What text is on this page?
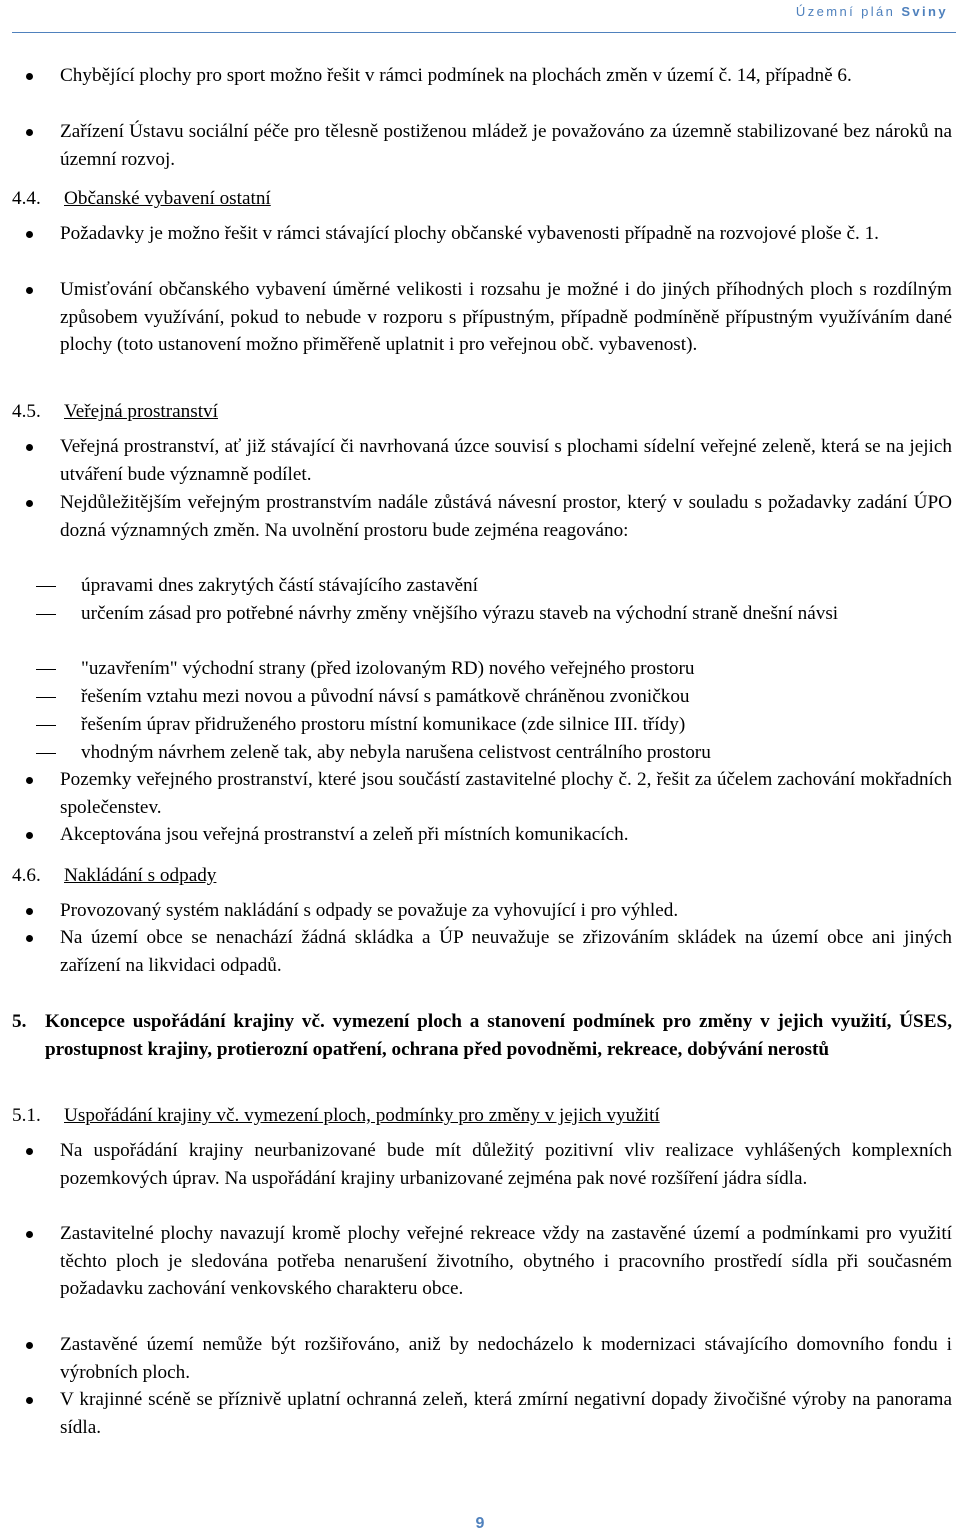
Územní plán Sviny
Chybějící plochy pro sport možno řešit v rámci podmínek na plochách změn v území č. 14, případně 6.
Zařízení Ústavu sociální péče pro tělesně postiženou mládež je považováno za územně stabilizované bez nároků na územní rozvoj.
4.4. Občanské vybavení ostatní
Požadavky je možno řešit v rámci stávající plochy občanské vybavenosti případně na rozvojové ploše č. 1.
Umisťování občanského vybavení úměrné velikosti i rozsahu je možné i do jiných příhodných ploch s rozdílným způsobem využívání, pokud to nebude v rozporu s přípustným, případně podmíněně přípustným využíváním dané plochy (toto ustanovení možno přiměřeně uplatnit i pro veřejnou obč. vybavenost).
4.5. Veřejná prostranství
Veřejná prostranství, ať již stávající či navrhovaná úzce souvisí s plochami sídelní veřejné zeleně, která se na jejich utváření bude významně podílet.
Nejdůležitějším veřejným prostranstvím nadále zůstává návesní prostor, který v souladu s požadavky zadání ÚPO dozná významných změn. Na uvolnění prostoru bude zejména reagováno:
úpravami dnes zakrytých částí stávajícího zastavění
určením zásad pro potřebné návrhy změny vnějšího výrazu staveb na východní straně dnešní návsi
"uzavřením" východní strany (před izolovaným RD) nového veřejného prostoru
řešením vztahu mezi novou a původní návsí s památkově chráněnou zvoničkou
řešením úprav přidruženého prostoru místní komunikace (zde silnice III. třídy)
vhodným návrhem zeleně tak, aby nebyla narušena celistvost centrálního prostoru
Pozemky veřejného prostranství, které jsou součástí zastavitelné plochy č. 2, řešit za účelem zachování mokřadních společenstev.
Akceptována jsou veřejná prostranství a zeleň při místních komunikacích.
4.6. Nakládání s odpady
Provozovaný systém nakládání s odpady se považuje za vyhovující i pro výhled.
Na území obce se nenachází žádná skládka a ÚP neuvažuje se zřizováním skládek na území obce ani jiných zařízení na likvidaci odpadů.
5. Koncepce uspořádání krajiny vč. vymezení ploch a stanovení podmínek pro změny v jejich využití, ÚSES, prostupnost krajiny, protierozní opatření, ochrana před povodněmi, rekreace, dobývání nerostů
5.1. Uspořádání krajiny vč. vymezení ploch, podmínky pro změny v jejich využití
Na uspořádání krajiny neurbanizované bude mít důležitý pozitivní vliv realizace vyhlášených komplexních pozemkových úprav. Na uspořádání krajiny urbanizované zejména pak nové rozšíření jádra sídla.
Zastavitelné plochy navazují kromě plochy veřejné rekreace vždy na zastavěné území a podmínkami pro využití těchto ploch je sledována potřeba nenarušení životního, obytného i pracovního prostředí sídla při současném požadavku zachování venkovského charakteru obce.
Zastavěné území nemůže být rozšiřováno, aniž by nedocházelo k modernizaci stávajícího domovního fondu i výrobních ploch.
V krajinné scéně se příznivě uplatní ochranná zeleň, která zmírní negativní dopady živočišné výroby na panorama sídla.
9
